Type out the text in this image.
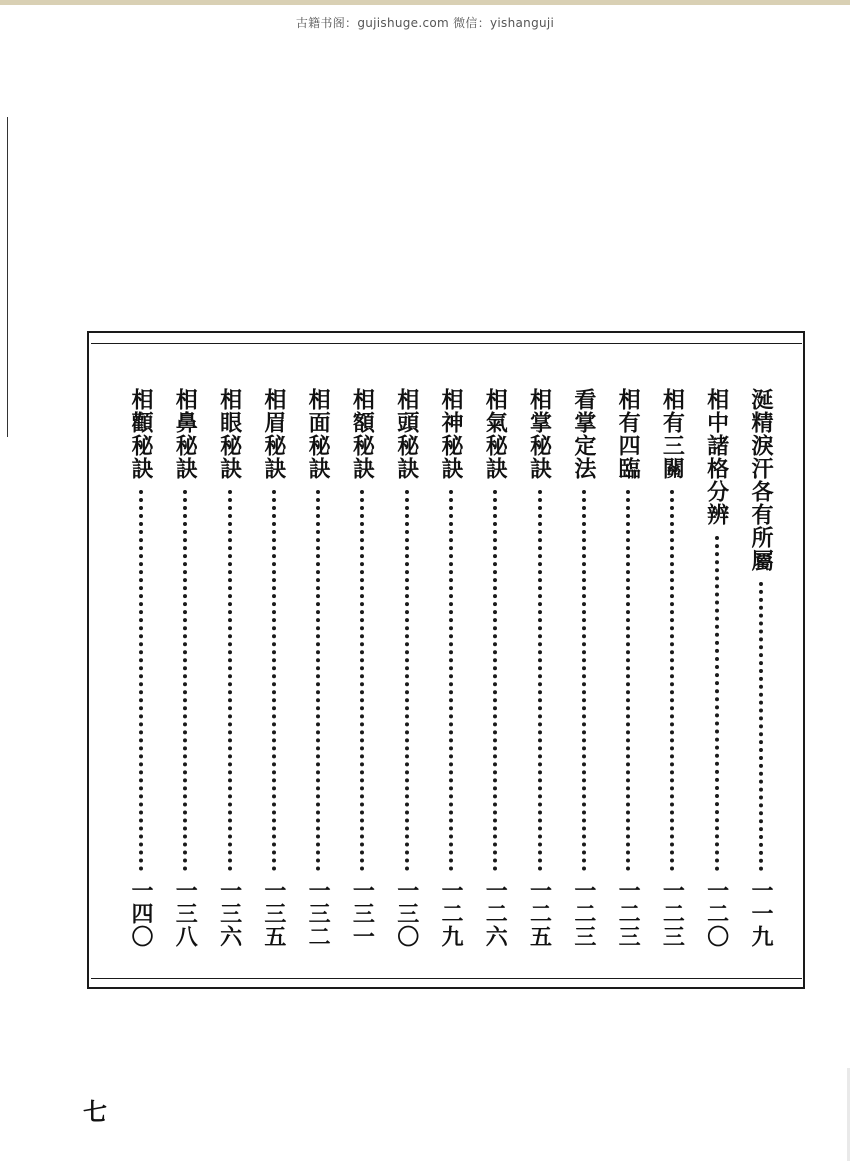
古籍书阁：gujishuge.com 微信：yishanguji
涎精淚汗各有所屬
一一九
相中諸格分辨
一二〇
相有三關
一二三
相有四臨
一二三
看掌定法
一二三
相掌秘訣
一二五
相氣秘訣
一二六
相神秘訣
一二九
相頭秘訣
一三〇
相額秘訣
一三一
相面秘訣
一三二
相眉秘訣
一三五
相眼秘訣
一三六
相鼻秘訣
一三八
相顴秘訣
一四〇
七
